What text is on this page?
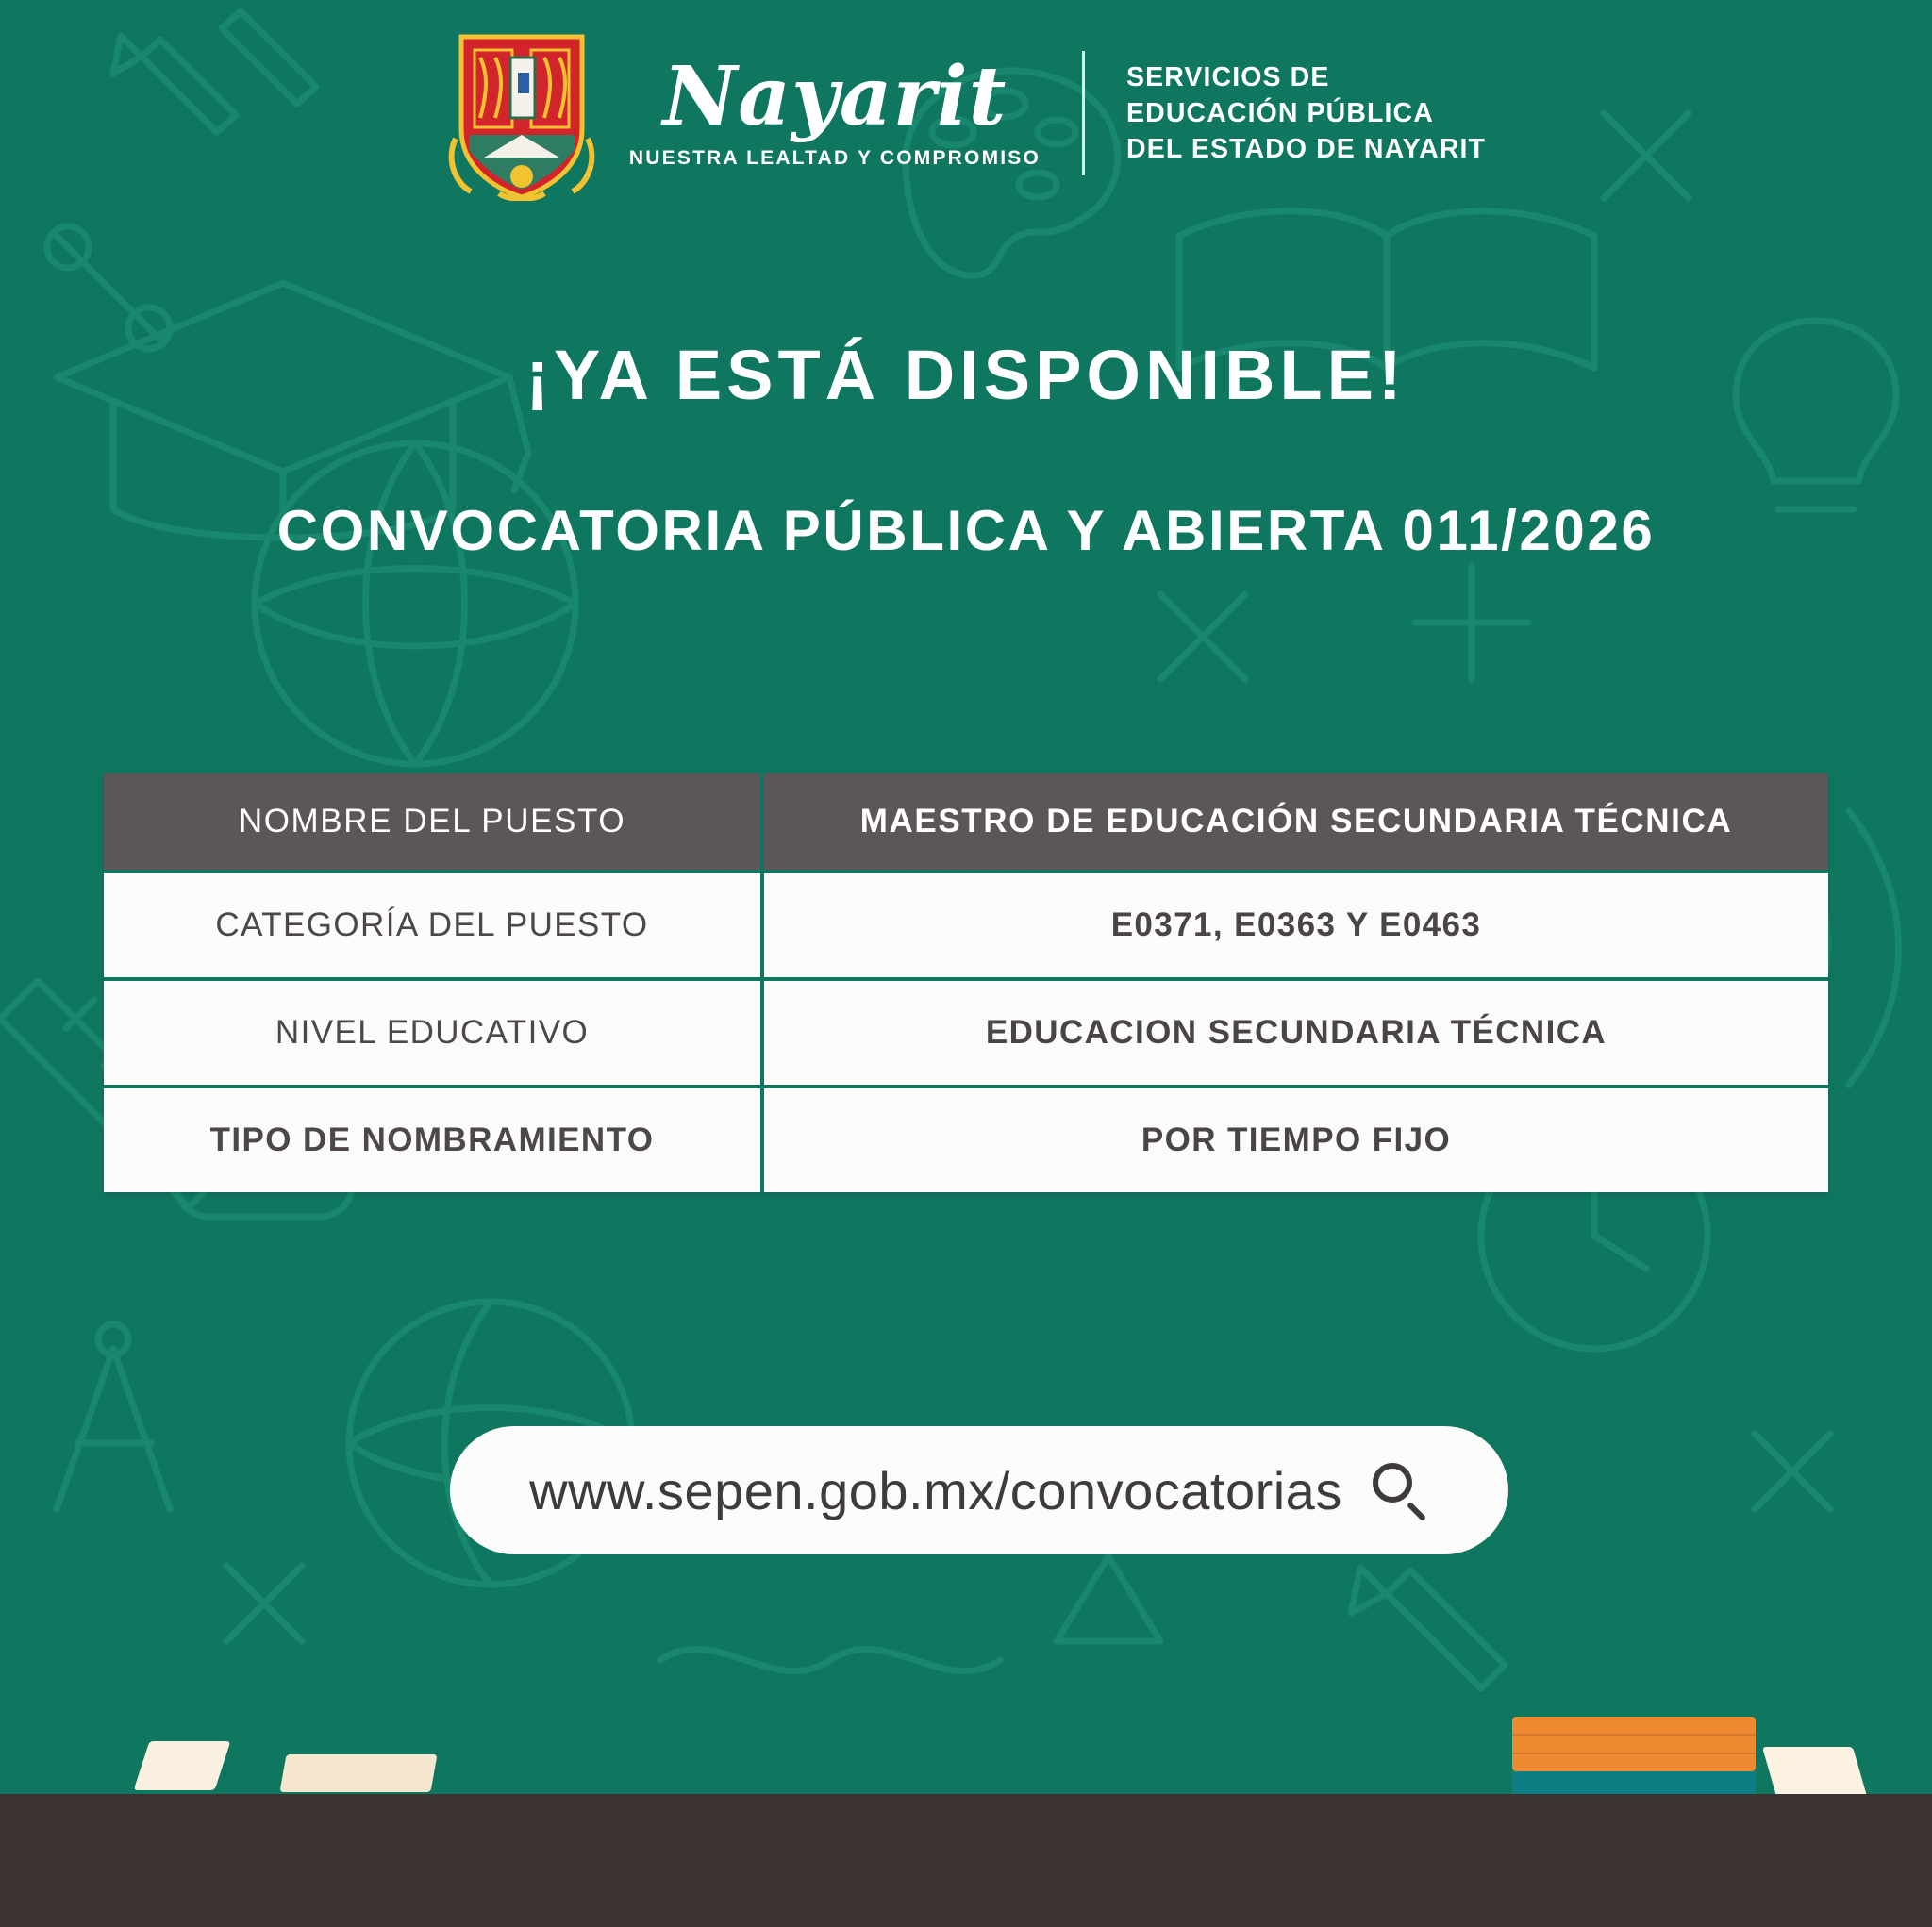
Nayarit
NUESTRA LEALTAD Y COMPROMISO
SERVICIOS DE
EDUCACIÓN PÚBLICA
DEL ESTADO DE NAYARIT
¡YA ESTÁ DISPONIBLE!
CONVOCATORIA PÚBLICA Y ABIERTA 011/2026
NOMBRE DEL PUESTO	MAESTRO DE EDUCACIÓN SECUNDARIA TÉCNICA
CATEGORÍA DEL PUESTO	E0371, E0363 Y E0463
NIVEL EDUCATIVO	EDUCACION SECUNDARIA TÉCNICA
TIPO DE NOMBRAMIENTO	POR TIEMPO FIJO
www.sepen.gob.mx/convocatorias
